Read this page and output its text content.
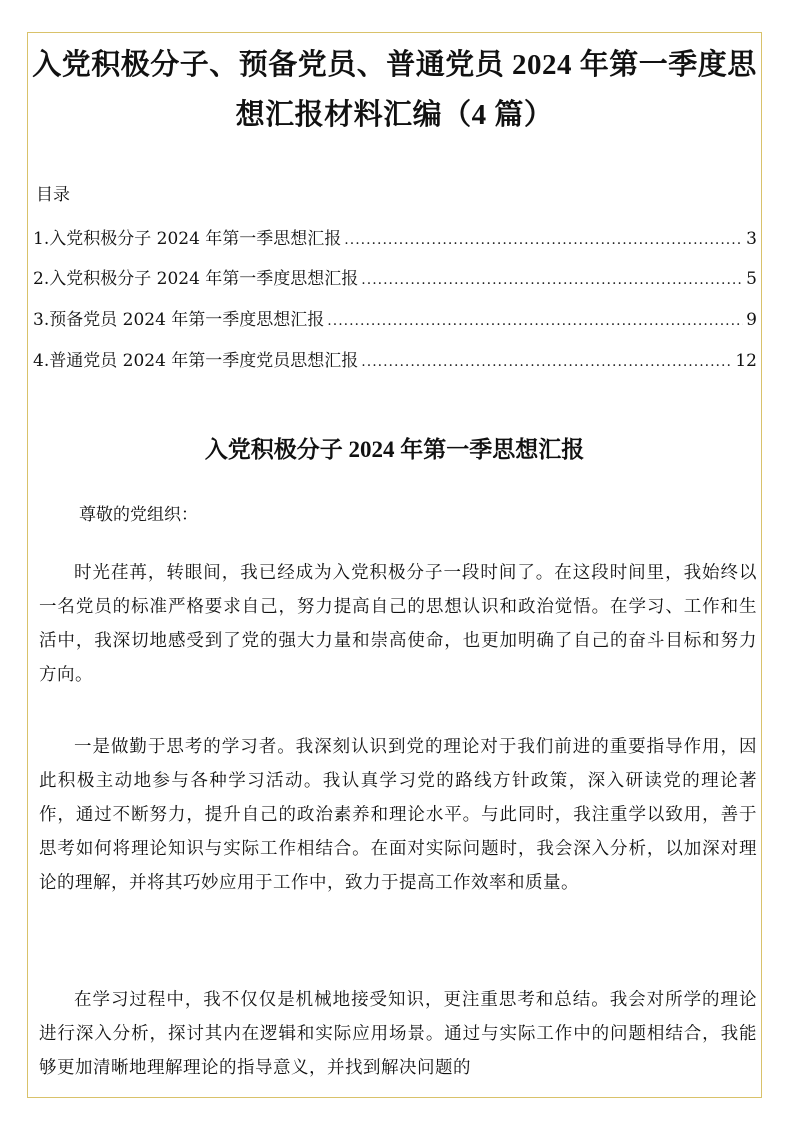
入党积极分子、预备党员、普通党员 2024 年第一季度思想汇报材料汇编（4 篇）
目录
1.入党积极分子 2024 年第一季思想汇报 .....	3
2.入党积极分子 2024 年第一季度思想汇报 .....	5
3.预备党员 2024 年第一季度思想汇报 .....	9
4.普通党员 2024 年第一季度党员思想汇报 .....	12
入党积极分子 2024 年第一季思想汇报
尊敬的党组织：

时光荏苒，转眼间，我已经成为入党积极分子一段时间了。在这段时间里，我始终以一名党员的标准严格要求自己，努力提高自己的思想认识和政治觉悟。在学习、工作和生活中，我深切地感受到了党的强大力量和崇高使命，也更加明确了自己的奋斗目标和努力方向。

一是做勤于思考的学习者。我深刻认识到党的理论对于我们前进的重要指导作用，因此积极主动地参与各种学习活动。我认真学习党的路线方针政策，深入研读党的理论著作，通过不断努力，提升自己的政治素养和理论水平。与此同时，我注重学以致用，善于思考如何将理论知识与实际工作相结合。在面对实际问题时，我会深入分析，以加深对理论的理解，并将其巧妙应用于工作中，致力于提高工作效率和质量。

在学习过程中，我不仅仅是机械地接受知识，更注重思考和总结。我会对所学的理论进行深入分析，探讨其内在逻辑和实际应用场景。通过与实际工作中的问题相结合，我能够更加清晰地理解理论的指导意义，并找到解决问题的
